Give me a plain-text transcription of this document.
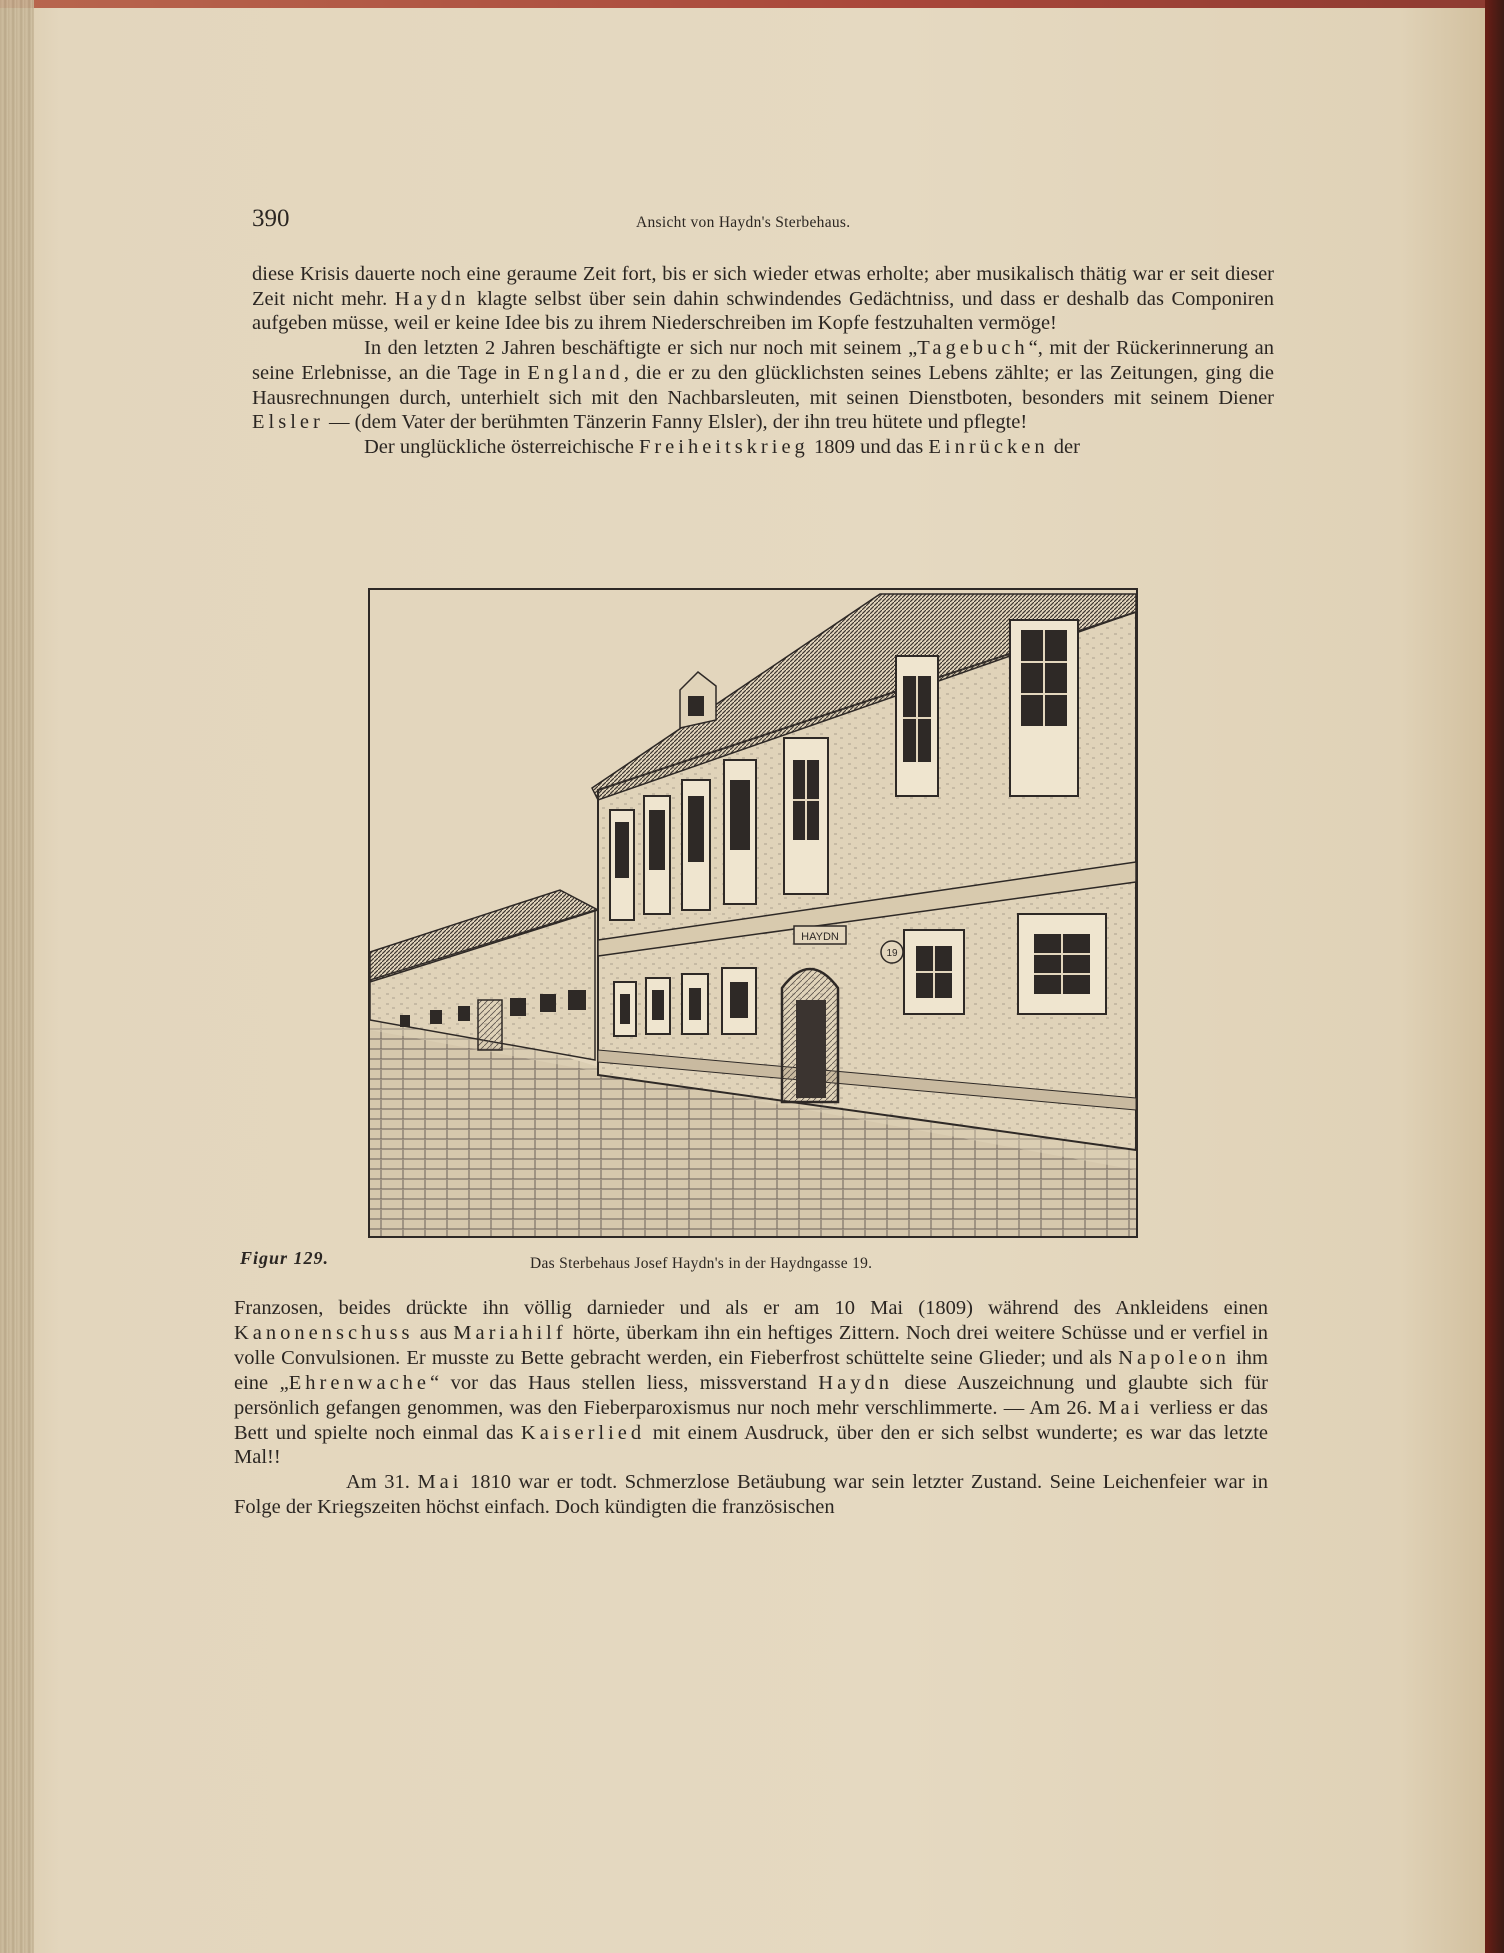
390	Ansicht von Haydn's Sterbehaus.

diese Krisis dauerte noch eine geraume Zeit fort, bis er sich wieder etwas erholte; aber musikalisch thätig war er seit dieser Zeit nicht mehr. Haydn klagte selbst über sein dahin schwindendes Gedächtniss, und dass er deshalb das Componiren aufgeben müsse, weil er keine Idee bis zu ihrem Niederschreiben im Kopfe festzuhalten vermöge!

In den letzten 2 Jahren beschäftigte er sich nur noch mit seinem „Tagebuch“, mit der Rückerinnerung an seine Erlebnisse, an die Tage in England, die er zu den glücklichsten seines Lebens zählte; er las Zeitungen, ging die Hausrechnungen durch, unterhielt sich mit den Nachbarsleuten, mit seinen Dienstboten, besonders mit seinem Diener Elsler — (dem Vater der berühmten Tänzerin Fanny Elsler), der ihn treu hütete und pflegte!

Der unglückliche österreichische Freiheitskrieg 1809 und das Einrücken der

HAYDN
19
Figur 129.	Das Sterbehaus Josef Haydn's in der Haydngasse 19.

Franzosen, beides drückte ihn völlig darnieder und als er am 10 Mai (1809) während des Ankleidens einen Kanonenschuss aus Mariahilf hörte, überkam ihn ein heftiges Zittern. Noch drei weitere Schüsse und er verfiel in volle Convulsionen. Er musste zu Bette gebracht werden, ein Fieberfrost schüttelte seine Glieder; und als Napoleon ihm eine „Ehrenwache“ vor das Haus stellen liess, missverstand Haydn diese Auszeichnung und glaubte sich für persönlich gefangen genommen, was den Fieberparoxismus nur noch mehr verschlimmerte. — Am 26. Mai verliess er das Bett und spielte noch einmal das Kaiserlied mit einem Ausdruck, über den er sich selbst wunderte; es war das letzte Mal!!

Am 31. Mai 1810 war er todt. Schmerzlose Betäubung war sein letzter Zustand. Seine Leichenfeier war in Folge der Kriegszeiten höchst einfach. Doch kündigten die französischen
